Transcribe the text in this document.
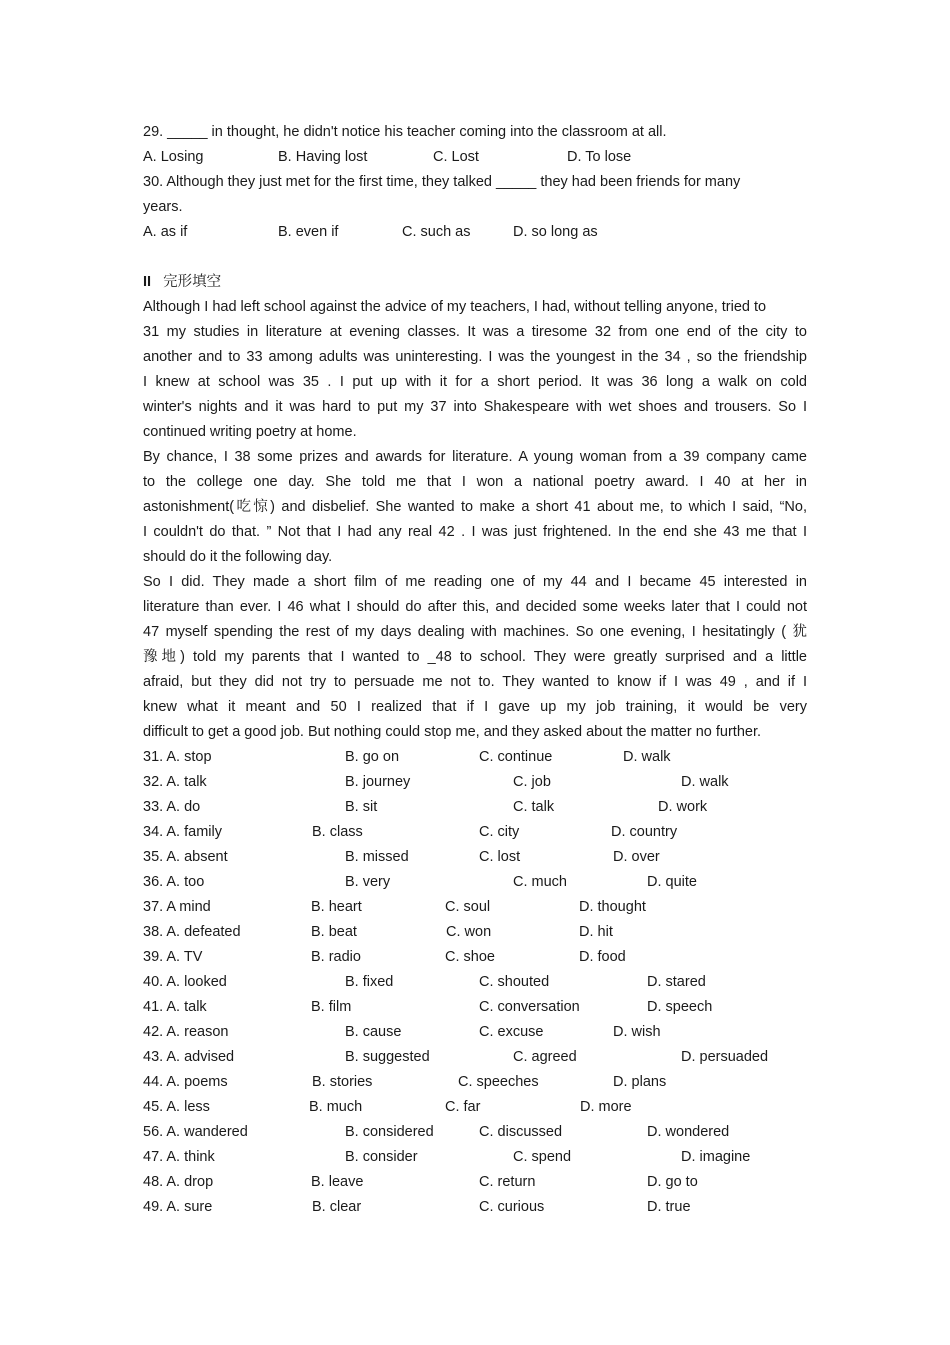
29. _____ in thought, he didn't notice his teacher coming into the classroom at all.
A. Losing	B. Having lost	C. Lost	D. To lose
30. Although they just met for the first time, they talked _____ they had been friends for many
years.
A. as if	B. even if	C. such as	D. so long as
II 完形填空
Although I had left school against the advice of my teachers, I had, without telling anyone, tried to
31 my studies in literature at evening classes. It was a tiresome 32 from one end of the city to
another and to 33 among adults was uninteresting. I was the youngest in the 34 , so the friendship
I knew at school was 35 . I put up with it for a short period. It was 36 long a walk on cold
winter's nights and it was hard to put my 37 into Shakespeare with wet shoes and trousers. So I
continued writing poetry at home.
By chance, I 38 some prizes and awards for literature. A young woman from a 39 company came
to the college one day. She told me that I won a national poetry award. I 40 at her in
astonishment(吃惊) and disbelief. She wanted to make a short 41 about me, to which I said, “No,
I couldn't do that. ” Not that I had any real 42 . I was just frightened. In the end she 43 me that I
should do it the following day.
So I did. They made a short film of me reading one of my 44 and I became 45 interested in
literature than ever. I 46 what I should do after this, and decided some weeks later that I could not
47 myself spending the rest of my days dealing with machines. So one evening, I hesitatingly ( 犹
豫地) told my parents that I wanted to _48 to school. They were greatly surprised and a little
afraid, but they did not try to persuade me not to. They wanted to know if I was 49 , and if I
knew what it meant and 50 I realized that if I gave up my job training, it would be very
difficult to get a good job. But nothing could stop me, and they asked about the matter no further.
31. A. stop	B. go on	C. continue	D. walk
32. A. talk	B. journey	C. job	D. walk
33. A. do	B. sit	C. talk	D. work
34. A. family	B. class	C. city	D. country
35. A. absent	B. missed	C. lost	D. over
36. A. too	B. very	C. much	D. quite
37. A mind	B. heart	C. soul	D. thought
38. A. defeated	B. beat	C. won	D. hit
39. A. TV	B. radio	C. shoe	D. food
40. A. looked	B. fixed	C. shouted	D. stared
41. A. talk	B. film	C. conversation	D. speech
42. A. reason	B. cause	C. excuse	D. wish
43. A. advised	B. suggested	C. agreed	D. persuaded
44. A. poems	B. stories	C. speeches	D. plans
45. A. less	B. much	C. far	D. more
56. A. wandered	B. considered	C. discussed	D. wondered
47. A. think	B. consider	C. spend	D. imagine
48. A. drop	B. leave	C. return	D. go to
49. A. sure	B. clear	C. curious	D. true
